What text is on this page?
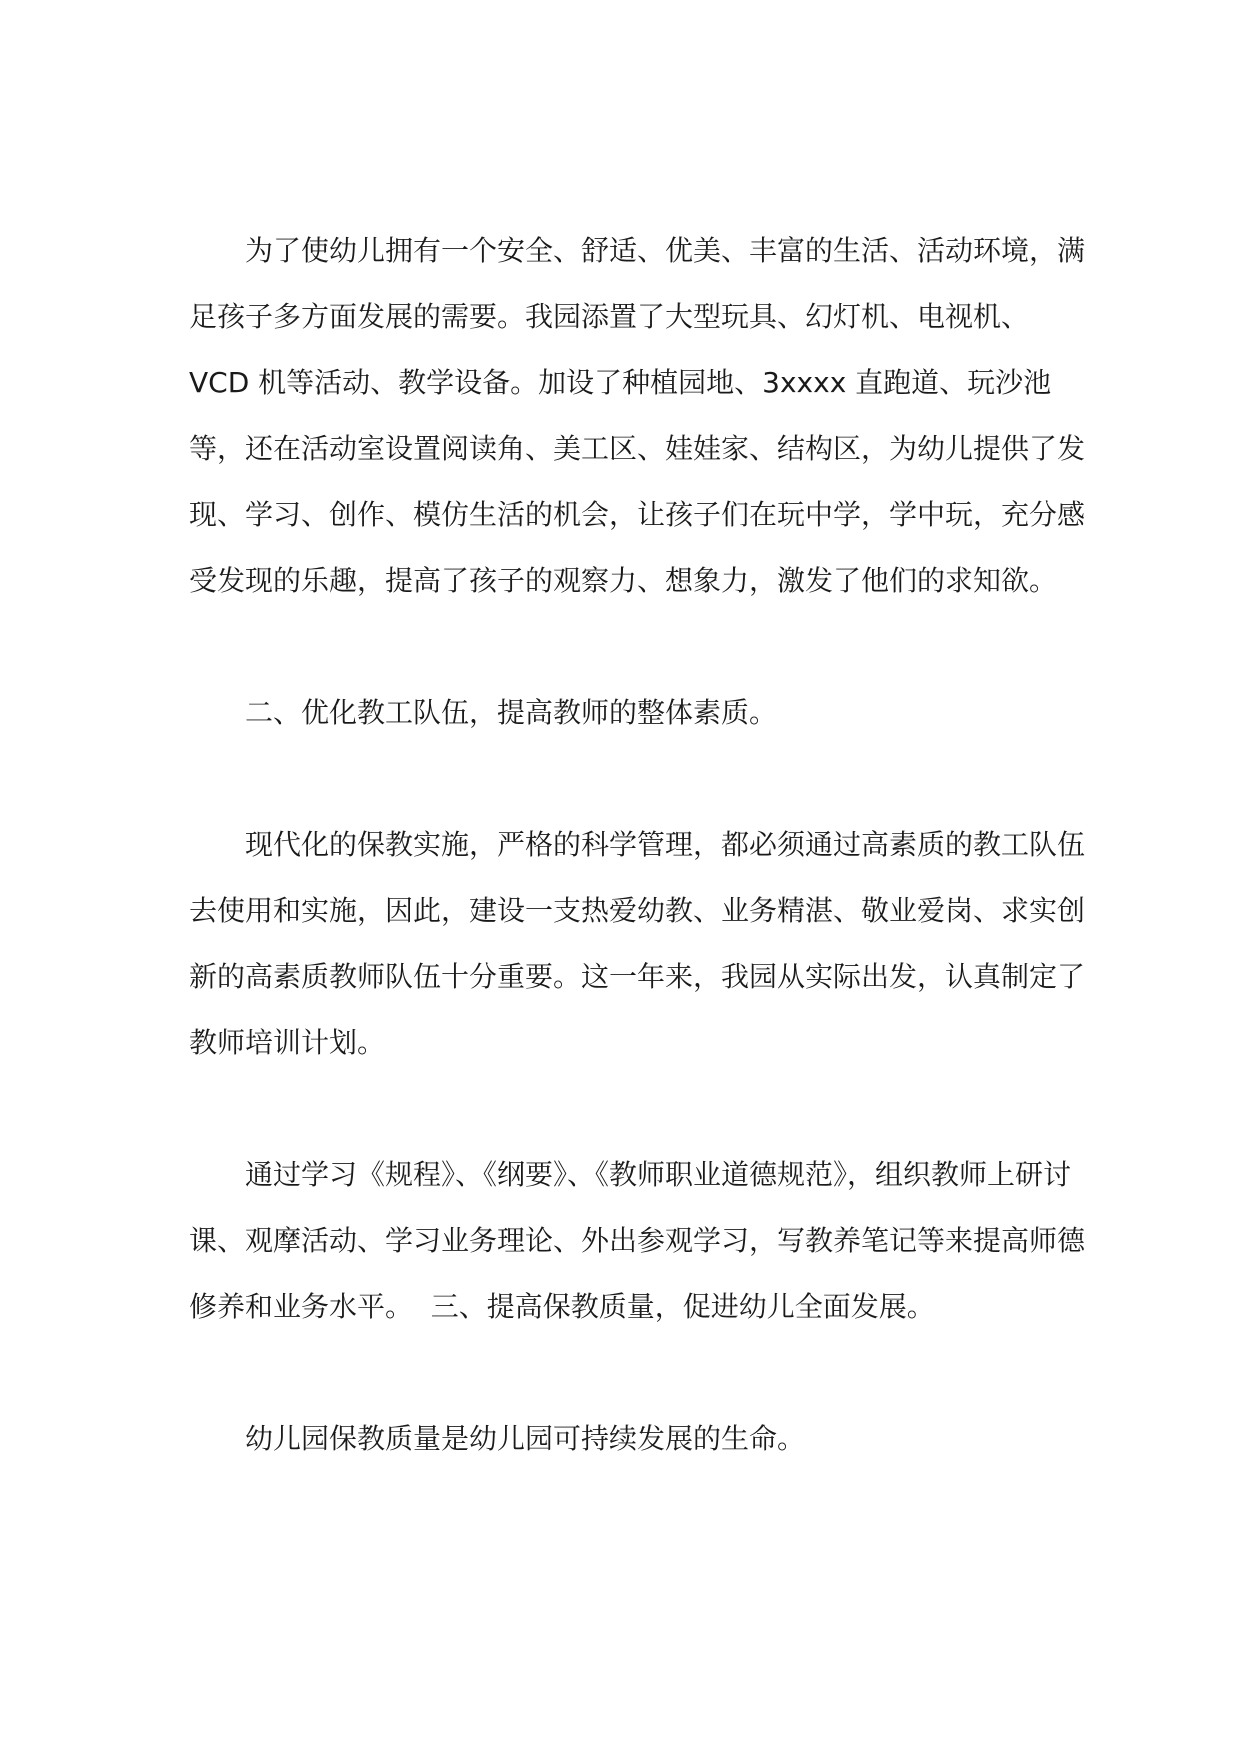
为了使幼儿拥有一个安全、舒适、优美、丰富的生活、活动环境，满足孩子多方面发展的需要。我园添置了大型玩具、幻灯机、电视机、VCD 机等活动、教学设备。加设了种植园地、3xxxx 直跑道、玩沙池等，还在活动室设置阅读角、美工区、娃娃家、结构区，为幼儿提供了发现、学习、创作、模仿生活的机会，让孩子们在玩中学，学中玩，充分感受发现的乐趣，提高了孩子的观察力、想象力，激发了他们的求知欲。

二、优化教工队伍，提高教师的整体素质。

现代化的保教实施，严格的科学管理，都必须通过高素质的教工队伍去使用和实施，因此，建设一支热爱幼教、业务精湛、敬业爱岗、求实创新的高素质教师队伍十分重要。这一年来，我园从实际出发，认真制定了教师培训计划。

通过学习《规程》、《纲要》、《教师职业道德规范》，组织教师上研讨课、观摩活动、学习业务理论、外出参观学习，写教养笔记等来提高师德修养和业务水平。  三、提高保教质量，促进幼儿全面发展。

幼儿园保教质量是幼儿园可持续发展的生命。
